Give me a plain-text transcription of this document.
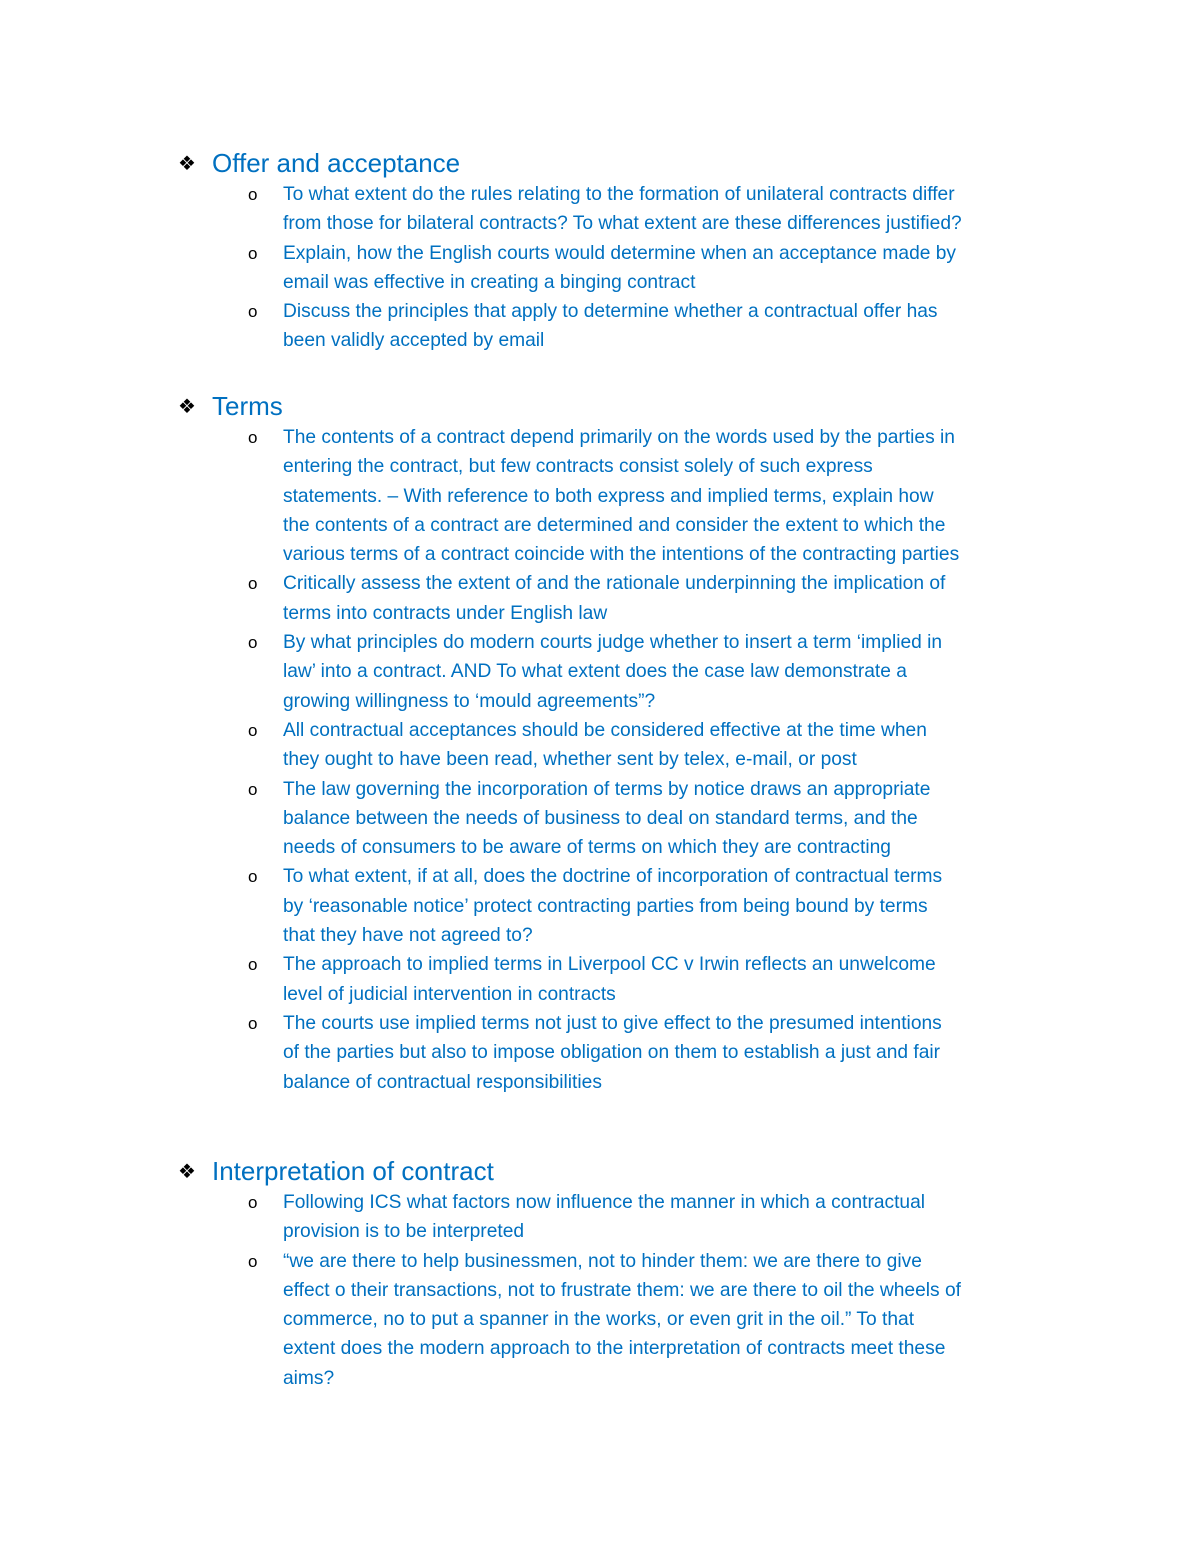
❖ Offer and acceptance
o To what extent do the rules relating to the formation of unilateral contracts differ from those for bilateral contracts? To what extent are these differences justified?
o Explain, how the English courts would determine when an acceptance made by email was effective in creating a binging contract
o Discuss the principles that apply to determine whether a contractual offer has been validly accepted by email
❖ Terms
o The contents of a contract depend primarily on the words used by the parties in entering the contract, but few contracts consist solely of such express statements. – With reference to both express and implied terms, explain how the contents of a contract are determined and consider the extent to which the various terms of a contract coincide with the intentions of the contracting parties
o Critically assess the extent of and the rationale underpinning the implication of terms into contracts under English law
o By what principles do modern courts judge whether to insert a term ‘implied in law’ into a contract. AND To what extent does the case law demonstrate a growing willingness to ‘mould agreements”?
o All contractual acceptances should be considered effective at the time when they ought to have been read, whether sent by telex, e-mail, or post
o The law governing the incorporation of terms by notice draws an appropriate balance between the needs of business to deal on standard terms, and the needs of consumers to be aware of terms on which they are contracting
o To what extent, if at all, does the doctrine of incorporation of contractual terms by ‘reasonable notice’ protect contracting parties from being bound by terms that they have not agreed to?
o The approach to implied terms in Liverpool CC v Irwin reflects an unwelcome level of judicial intervention in contracts
o The courts use implied terms not just to give effect to the presumed intentions of the parties but also to impose obligation on them to establish a just and fair balance of contractual responsibilities
❖ Interpretation of contract
o Following ICS what factors now influence the manner in which a contractual provision is to be interpreted
o “we are there to help businessmen, not to hinder them: we are there to give effect o their transactions, not to frustrate them: we are there to oil the wheels of commerce, no to put a spanner in the works, or even grit in the oil.” To that extent does the modern approach to the interpretation of contracts meet these aims?
